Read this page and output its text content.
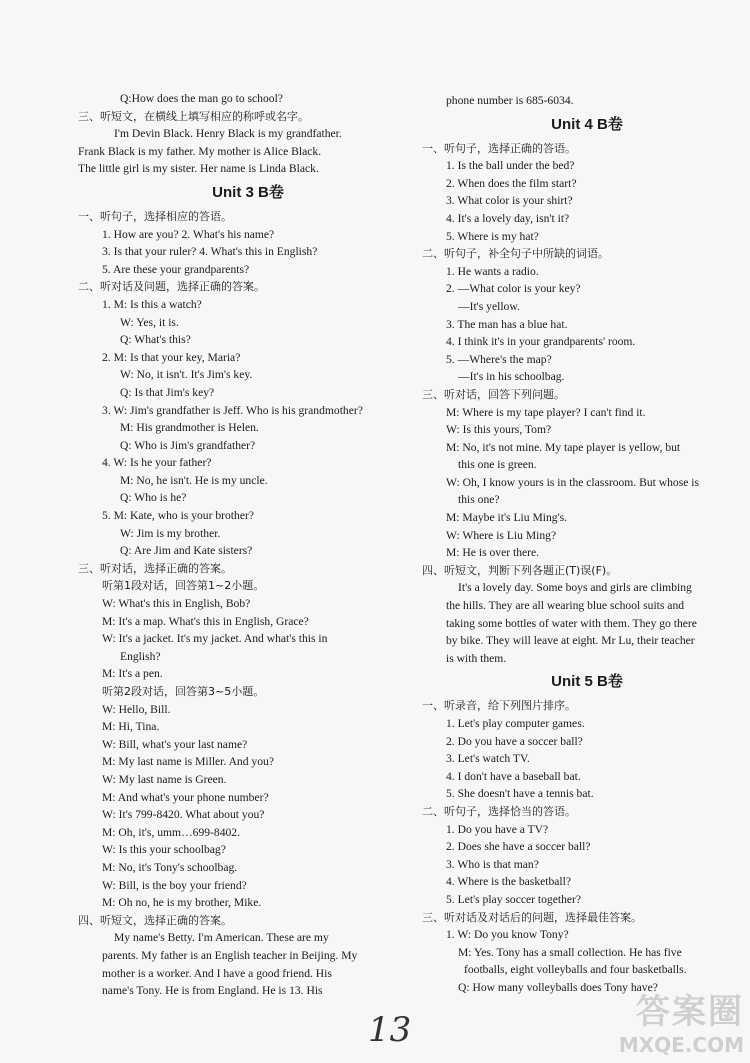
Q:How does the man go to school?
三、听短文，在横线上填写相应的称呼或名字。
I'm Devin Black. Henry Black is my grandfather.
Frank Black is my father. My mother is Alice Black.
The little girl is my sister. Her name is Linda Black.
Unit 3 B卷
一、听句子，选择相应的答语。
1. How are you? 2. What's his name?
3. Is that your ruler? 4. What's this in English?
5. Are these your grandparents?
二、听对话及问题，选择正确的答案。
1. M: Is this a watch?
W: Yes, it is.
Q: What's this?
2. M: Is that your key, Maria?
W: No, it isn't. It's Jim's key.
Q: Is that Jim's key?
3. W: Jim's grandfather is Jeff. Who is his grandmother?
M: His grandmother is Helen.
Q: Who is Jim's grandfather?
4. W: Is he your father?
M: No, he isn't. He is my uncle.
Q: Who is he?
5. M: Kate, who is your brother?
W: Jim is my brother.
Q: Are Jim and Kate sisters?
三、听对话，选择正确的答案。
听第1段对话，回答第1~2小题。
W: What's this in English, Bob?
M: It's a map. What's this in English, Grace?
W: It's a jacket. It's my jacket. And what's this in
English?
M: It's a pen.
听第2段对话，回答第3~5小题。
W: Hello, Bill.
M: Hi, Tina.
W: Bill, what's your last name?
M: My last name is Miller. And you?
W: My last name is Green.
M: And what's your phone number?
W: It's 799-8420. What about you?
M: Oh, it's, umm…699-8402.
W: Is this your schoolbag?
M: No, it's Tony's schoolbag.
W: Bill, is the boy your friend?
M: Oh no, he is my brother, Mike.
四、听短文，选择正确的答案。
My name's Betty. I'm American. These are my
parents. My father is an English teacher in Beijing. My
mother is a worker. And I have a good friend. His
name's Tony. He is from England. He is 13. His
phone number is 685-6034.
Unit 4 B卷
一、听句子，选择正确的答语。
1. Is the ball under the bed?
2. When does the film start?
3. What color is your shirt?
4. It's a lovely day, isn't it?
5. Where is my hat?
二、听句子，补全句子中所缺的词语。
1. He wants a radio.
2. —What color is your key?
—It's yellow.
3. The man has a blue hat.
4. I think it's in your grandparents' room.
5. —Where's the map?
—It's in his schoolbag.
三、听对话，回答下列问题。
M: Where is my tape player? I can't find it.
W: Is this yours, Tom?
M: No, it's not mine. My tape player is yellow, but
this one is green.
W: Oh, I know yours is in the classroom. But whose is
this one?
M: Maybe it's Liu Ming's.
W: Where is Liu Ming?
M: He is over there.
四、听短文，判断下列各题正(T)误(F)。
It's a lovely day. Some boys and girls are climbing
the hills. They are all wearing blue school suits and
taking some bottles of water with them. They go there
by bike. They will leave at eight. Mr Lu, their teacher
is with them.
Unit 5 B卷
一、听录音，给下列图片排序。
1. Let's play computer games.
2. Do you have a soccer ball?
3. Let's watch TV.
4. I don't have a baseball bat.
5. She doesn't have a tennis bat.
二、听句子，选择恰当的答语。
1. Do you have a TV?
2. Does she have a soccer ball?
3. Who is that man?
4. Where is the basketball?
5. Let's play soccer together?
三、听对话及对话后的问题，选择最佳答案。
1. W: Do you know Tony?
M: Yes. Tony has a small collection. He has five
footballs, eight volleyballs and four basketballs.
Q: How many volleyballs does Tony have?
13	答案圈
MXQE.COM
